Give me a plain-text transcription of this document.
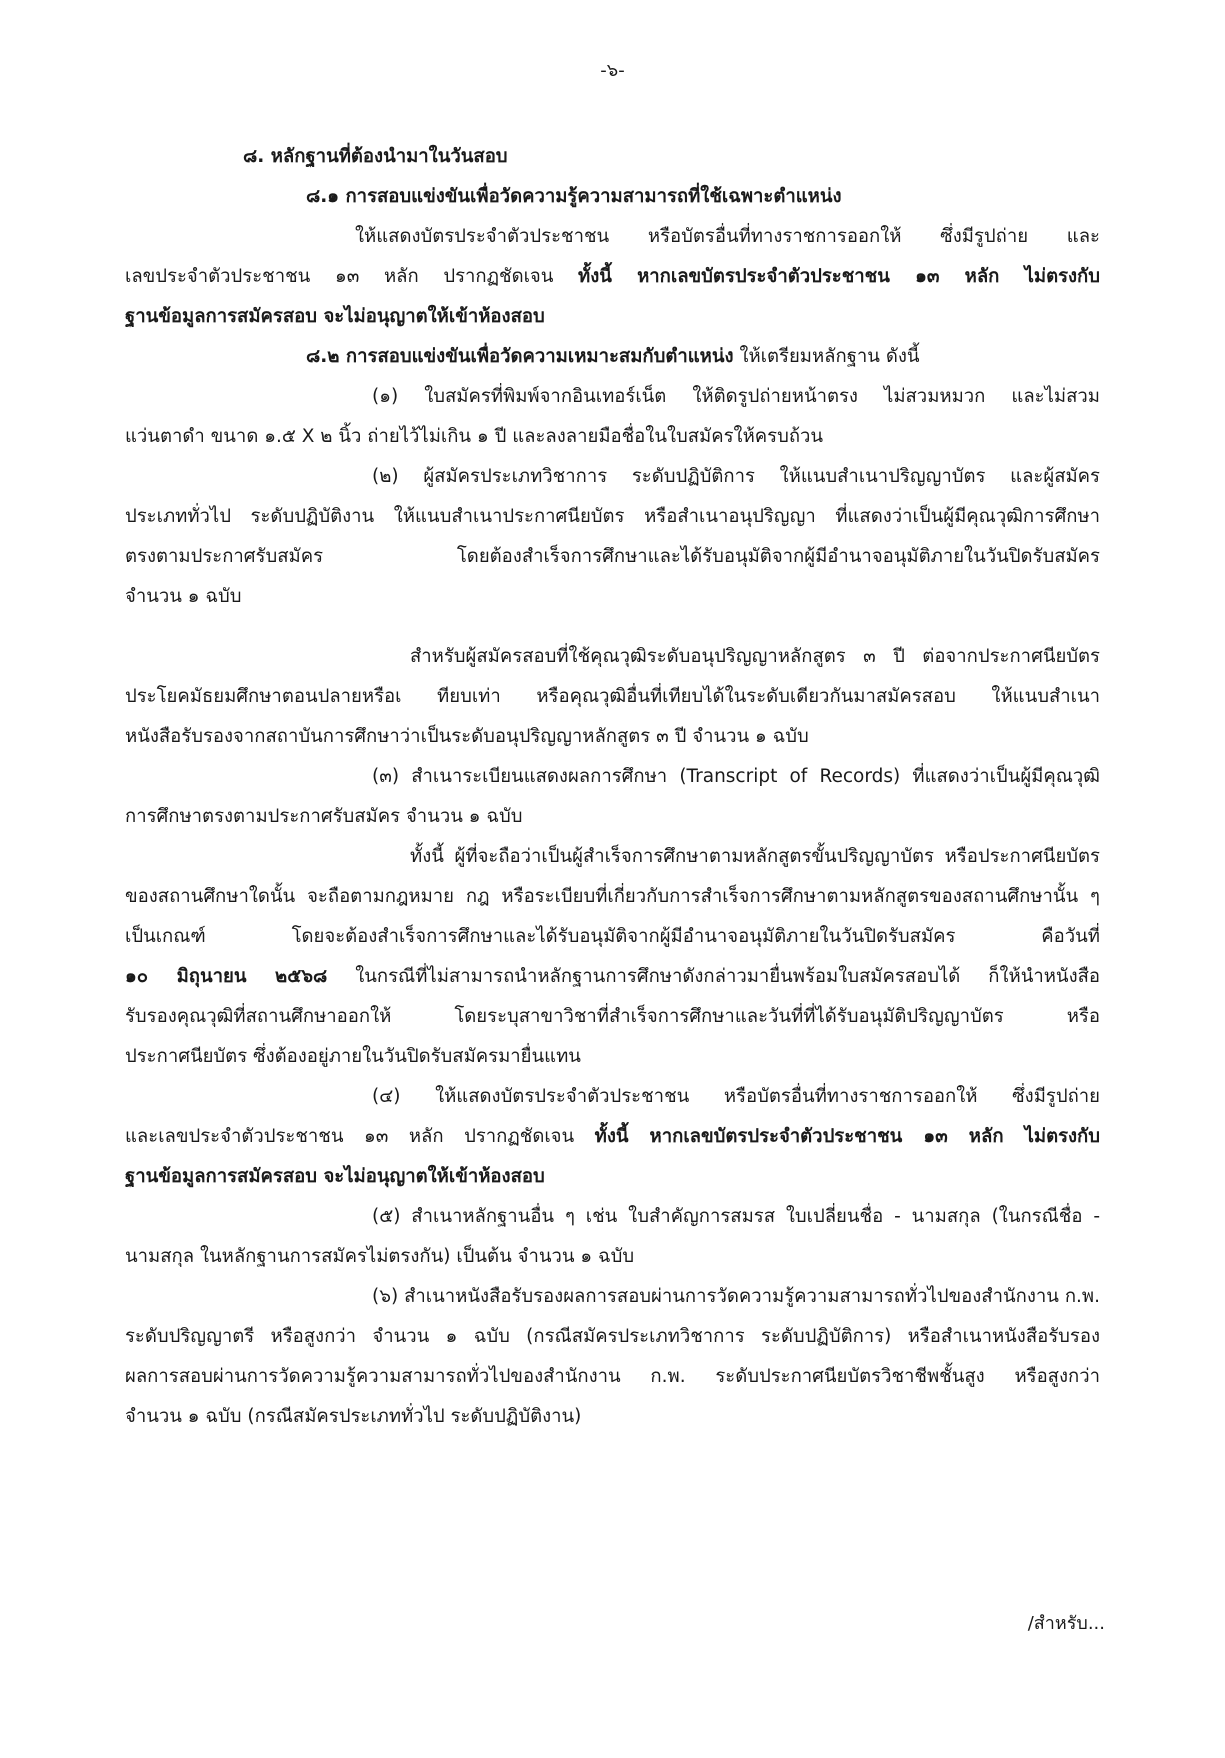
-๖-
๘. หลักฐานที่ต้องนำมาในวันสอบ
๘.๑ การสอบแข่งขันเพื่อวัดความรู้ความสามารถที่ใช้เฉพาะตำแหน่ง
ให้แสดงบัตรประจำตัวประชาชน หรือบัตรอื่นที่ทางราชการออกให้ ซึ่งมีรูปถ่าย และ
เลขประจำตัวประชาชน ๑๓ หลัก ปรากฏชัดเจน ทั้งนี้ หากเลขบัตรประจำตัวประชาชน ๑๓ หลัก ไม่ตรงกับ
ฐานข้อมูลการสมัครสอบ จะไม่อนุญาตให้เข้าห้องสอบ
๘.๒ การสอบแข่งขันเพื่อวัดความเหมาะสมกับตำแหน่ง ให้เตรียมหลักฐาน ดังนี้
(๑) ใบสมัครที่พิมพ์จากอินเทอร์เน็ต ให้ติดรูปถ่ายหน้าตรง ไม่สวมหมวก และไม่สวม
แว่นตาดำ ขนาด ๑.๕ X ๒ นิ้ว ถ่ายไว้ไม่เกิน ๑ ปี และลงลายมือชื่อในใบสมัครให้ครบถ้วน
(๒) ผู้สมัครประเภทวิชาการ ระดับปฏิบัติการ ให้แนบสำเนาปริญญาบัตร และผู้สมัคร
ประเภททั่วไป ระดับปฏิบัติงาน ให้แนบสำเนาประกาศนียบัตร หรือสำเนาอนุปริญญา ที่แสดงว่าเป็นผู้มีคุณวุฒิการศึกษา
ตรงตามประกาศรับสมัคร โดยต้องสำเร็จการศึกษาและได้รับอนุมัติจากผู้มีอำนาจอนุมัติภายในวันปิดรับสมัคร
จำนวน ๑ ฉบับ
สำหรับผู้สมัครสอบที่ใช้คุณวุฒิระดับอนุปริญญาหลักสูตร ๓ ปี ต่อจากประกาศนียบัตร
ประโยคมัธยมศึกษาตอนปลายหรือเ ทียบเท่า หรือคุณวุฒิอื่นที่เทียบได้ในระดับเดียวกันมาสมัครสอบ ให้แนบสำเนา
หนังสือรับรองจากสถาบันการศึกษาว่าเป็นระดับอนุปริญญาหลักสูตร ๓ ปี จำนวน ๑ ฉบับ
(๓) สำเนาระเบียนแสดงผลการศึกษา (Transcript of Records) ที่แสดงว่าเป็นผู้มีคุณวุฒิ
การศึกษาตรงตามประกาศรับสมัคร จำนวน ๑ ฉบับ
ทั้งนี้ ผู้ที่จะถือว่าเป็นผู้สำเร็จการศึกษาตามหลักสูตรขั้นปริญญาบัตร หรือประกาศนียบัตร
ของสถานศึกษาใดนั้น จะถือตามกฎหมาย กฎ หรือระเบียบที่เกี่ยวกับการสำเร็จการศึกษาตามหลักสูตรของสถานศึกษานั้น ๆ
เป็นเกณฑ์ โดยจะต้องสำเร็จการศึกษาและได้รับอนุมัติจากผู้มีอำนาจอนุมัติภายในวันปิดรับสมัคร คือวันที่
๑๐ มิถุนายน ๒๕๖๘ ในกรณีที่ไม่สามารถนำหลักฐานการศึกษาดังกล่าวมายื่นพร้อมใบสมัครสอบได้ ก็ให้นำหนังสือ
รับรองคุณวุฒิที่สถานศึกษาออกให้ โดยระบุสาขาวิชาที่สำเร็จการศึกษาและวันที่ที่ได้รับอนุมัติปริญญาบัตร หรือ
ประกาศนียบัตร ซึ่งต้องอยู่ภายในวันปิดรับสมัครมายื่นแทน
(๔) ให้แสดงบัตรประจำตัวประชาชน หรือบัตรอื่นที่ทางราชการออกให้ ซึ่งมีรูปถ่าย
และเลขประจำตัวประชาชน ๑๓ หลัก ปรากฏชัดเจน ทั้งนี้ หากเลขบัตรประจำตัวประชาชน ๑๓ หลัก ไม่ตรงกับ
ฐานข้อมูลการสมัครสอบ จะไม่อนุญาตให้เข้าห้องสอบ
(๕) สำเนาหลักฐานอื่น ๆ เช่น ใบสำคัญการสมรส ใบเปลี่ยนชื่อ - นามสกุล (ในกรณีชื่อ -
นามสกุล ในหลักฐานการสมัครไม่ตรงกัน) เป็นต้น จำนวน ๑ ฉบับ
(๖) สำเนาหนังสือรับรองผลการสอบผ่านการวัดความรู้ความสามารถทั่วไปของสำนักงาน ก.พ.
ระดับปริญญาตรี หรือสูงกว่า จำนวน ๑ ฉบับ (กรณีสมัครประเภทวิชาการ ระดับปฏิบัติการ) หรือสำเนาหนังสือรับรอง
ผลการสอบผ่านการวัดความรู้ความสามารถทั่วไปของสำนักงาน ก.พ. ระดับประกาศนียบัตรวิชาชีพชั้นสูง หรือสูงกว่า
จำนวน ๑ ฉบับ (กรณีสมัครประเภททั่วไป ระดับปฏิบัติงาน)
/สำหรับ...
